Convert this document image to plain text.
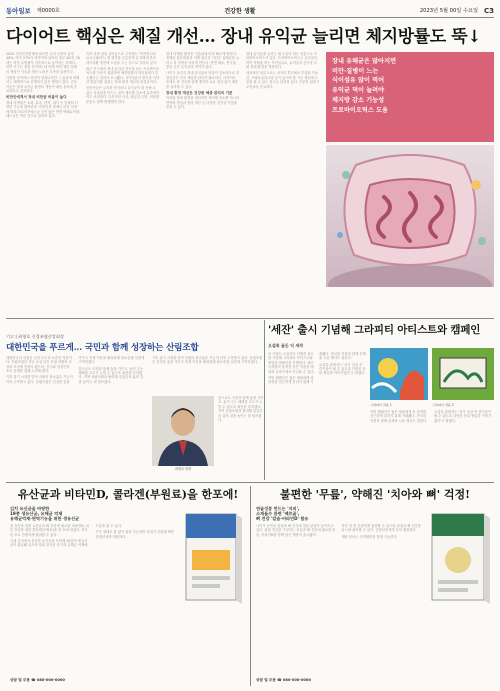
동아일보 제0000호	건강한 생활	2023년 5월 00일 수요일 C3
다이어트 핵심은 체질 개선… 장내 유익균 늘리면 체지방률도 뚝↓

2020 국민건강통계에 따르면 우리 국민의 남자 48%, 여자 27%가 비만이며 남자의 경우 20대, 30대는 비만 유병률이 지속적으로 높아지는 추세다. 비만 인구는 점점 증가하는데 반해 비만 체중 감량의 핵심인 식습관 개선 노력은 부족한 실정이다.

다양한 다이어트 방법이 넘쳐나지만 그 효과에 대해서는 체계적으로 증명되지 않은 방법도 많다. 전문가들은 장내 유익균 환경의 개선이 체중 관리에 중요하다고 강조한다.

비만인에게서 장내 비만균 비율이 높다

장내 미생물은 소화, 흡수, 면역, 대사 등 인체의 다양한 기능에 관여한다. 비만인의 장에는 마른 사람에 비해 피르미쿠테스균 등이 많은 반면 박테로이데테스균은 적은 것으로 알려져 있다.

특히 비만 관련 유익균으로 주목받는 '아커만시아 뮤시니필라'는 장 점막을 튼튼하게 유지해 비만과 대사질환 개선에 도움을 주는 것으로 알려져 있다.

최근 연구에서 장내 유익균 증식을 돕는 프리바이오틱스를 꾸준히 섭취하면 체지방률과 허리둘레가 감소했다는 결과가 보고됐다. 식이섬유가 풍부한 식단과 발효식품 섭취는 장내 환경 개선의 첫걸음이다.

전문가들은 무리한 단식보다 유익균이 잘 자랄 수 있는 식습관을 만드는 것이 체지방 감소에 효과적이라고 조언한다. 규칙적인 식사, 충분한 수면, 적당한 운동도 함께 병행해야 한다.

장내 미생물 환경은 식습관에 따라 빠르게 변한다. 정제된 탄수화물과 지방 위주의 식단은 유해균을 늘리고 장 점막을 약하게 만든다. 반면 채소, 통곡물, 콩류 등은 유익균의 먹이가 된다.

나이가 들수록 장내 유익균의 비율이 감소하므로 중장년층은 더욱 세심한 관리가 필요하다. 다이어트 중에도 장 건강을 함께 챙겨야 요요 현상 없이 체중을 유지할 수 있다.

장내 환경 개선은 건강한 체중 관리의 기본

이처럼 장내 환경을 개선하면 체지방 감소뿐 아니라 면역력 향상과 변비 개선 등 다양한 건강상 이점을 얻을 수 있다.

장내 유익균을 늘리는 데 도움이 되는 성분으로 프리바이오틱스가 있다. 프리바이오틱스는 유익균의 먹이 역할을 하는 식이섬유로, 유익균의 증식을 도와 장내 환경을 개선한다.

대표적인 성분으로는 치커리 뿌리에서 추출한 이눌린, 프락토올리고당 등이 있으며 장 기능 개선에 도움을 줄 수 있는 것으로 알려져 있다. 꾸준한 섭취가 무엇보다 중요하다.

장내 유해균은 많아지면
비만·질병이 느는
식이섬유 많이 먹어
유익균 먹이 늘려야
체지방 감소 기능성
프로바이오틱스 도움
기고 | 최영호 신경조협중앙회장
대한민국을 푸르게… 국민과 함께 성장하는 산림조합

대한민국의 산림은 국민 모두의 소중한 자산이다. 산림조합은 지난 수십 년간 산림 자원의 조성과 보전에 앞장서 왔으며, 산주와 임업인의 소득 증대를 위해 노력해 왔다.

기후 위기 시대를 맞아 산림의 탄소흡수 기능이 더욱 주목받고 있다. 산림조합은 건강한 숲을 가꾸고 목재 이용을 활성화해 탄소중립 실현에 기여하겠다.

앞으로도 국민과 함께 숲을 가꾸고, 숲이 주는 혜택을 모두가 누릴 수 있도록 최선을 다하겠다. 지역 산림조합과 협력해 임업인의 삶의 질을 높이는 데 힘쓰겠다.

기후 위기 시대를 맞아 산림의 탄소흡수 기능이 더욱 주목받고 있다. 산림조합은 건강한 숲을 가꾸고 목재 이용을 활성화해 탄소중립 실현에 기여하겠다.

최영호 회장

앞으로도 국민과 함께 숲을 가꾸고, 숲이 주는 혜택을 모두가 누릴 수 있도록 최선을 다하겠다. 지역 산림조합과 협력해 임업인의 삶의 질을 높이는 데 힘쓰겠다.

'세잔' 출시 기념해 그라피티 아티스트와 캠페인
오설록 골든 익 세작

차 브랜드 오설록이 신제품 출시를 기념해 그라피티 아티스트와 협업한 캠페인을 진행한다. 제주 녹차밭의 풍경을 담은 작품을 매장과 온라인에서 만나볼 수 있다.

이번 캠페인은 젊은 세대에게 차 문화를 친근하게 알리기 위해 기획됐다. 전시된 작품과 함께 신제품 시음 행사도 열린다.

오설록 관계자는 '차가 일상 속 즐거움이 될 수 있도록 다양한 문화 협업을 이어가겠다'고 밝혔다.

그라피티 작품 1	그라피티 작품 2

이번 캠페인은 젊은 세대에게 차 문화를 친근하게 알리기 위해 기획됐다. 전시된 작품과 함께 신제품 시음 행사도 열린다.

오설록 관계자는 '차가 일상 속 즐거움이 될 수 있도록 다양한 문화 협업을 이어가겠다'고 밝혔다.

유산균과 비타민D, 콜라겐(부원료)을 한포에!
김치 유산균을 바탕한
19종 생유산균, 유해균 억제
유해균억제·면역기능을 위한 생유산균

장 건강을 위한 유산균과 뼈 건강에 필요한 비타민D, 피부 건강을 위한 콜라겐(부원료)을 한 포에 담았다. 하루 한 포로 간편하게 섭취할 수 있다.

국내 김치에서 분리한 유산균을 포함해 19종의 생유산균이 함유돼 있으며 장내 유익균 증식과 유해균 억제에 도움을 줄 수 있다.

가루 형태로 물 없이 섭취 가능하며 휴대가 간편해 바쁜 현대인에게 적합하다.

상담 및 주문 ☎ 080-000-0000
불편한 '무릎', 약해진 '치아와 뼈' 걱정!
연골성분 만드는 '지피',
소재들수 관련 '베르골',
뼈 건강 '칼슘·비타민D' 함유

나이가 들면서 관절과 뼈 건강에 대한 관심이 높아지고 있다. 관절 연골을 구성하는 성분과 뼈 건강에 필요한 칼슘, 비타민D를 함께 담은 제품이 출시됐다.

하루 한 번 간편하게 섭취할 수 있으며 관절과 뼈 건강을 동시에 관리할 수 있다. 중장년층에게 특히 권장된다.

제품 문의는 고객센터를 통해 가능하다.

상담 및 주문 ☎ 080-000-0000
